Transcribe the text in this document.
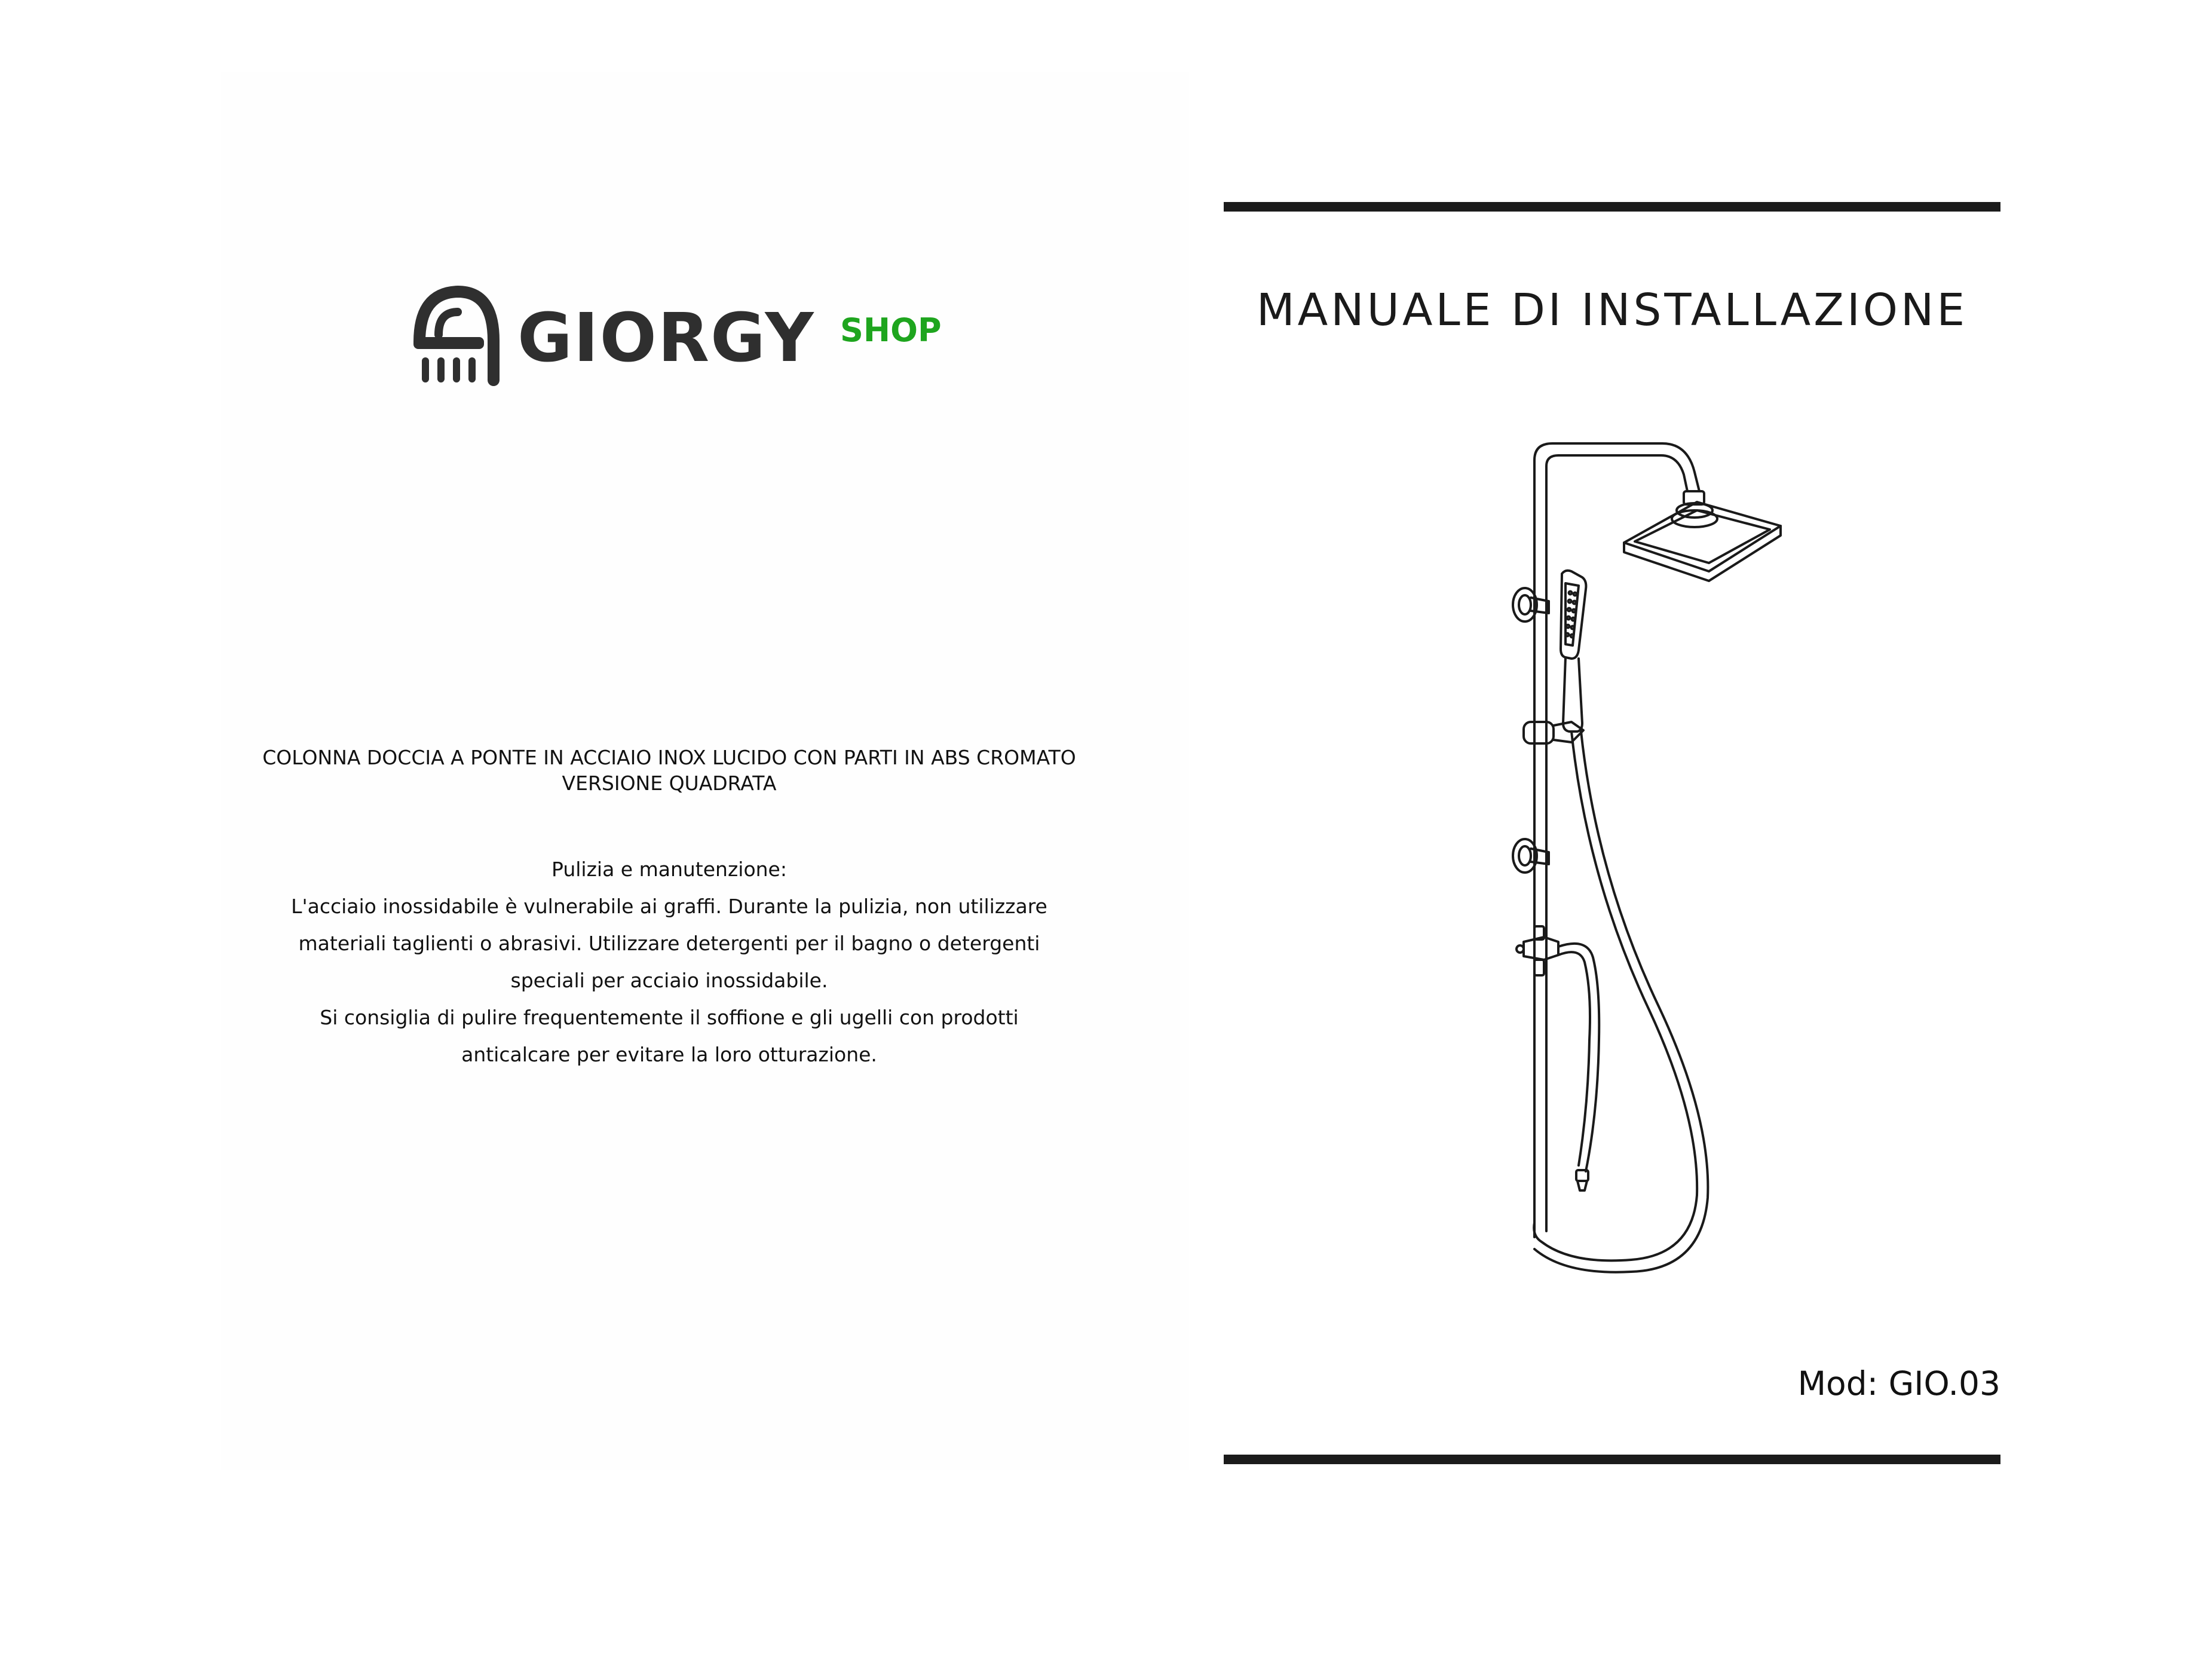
GIORGY SHOP
COLONNA DOCCIA A PONTE IN ACCIAIO INOX LUCIDO CON PARTI IN ABS CROMATO
VERSIONE QUADRATA
Pulizia e manutenzione:
L'acciaio inossidabile è vulnerabile ai graffi. Durante la pulizia, non utilizzare
materiali taglienti o abrasivi. Utilizzare detergenti per il bagno o detergenti
speciali per acciaio inossidabile.
Si consiglia di pulire frequentemente il soffione e gli ugelli con prodotti
anticalcare per evitare la loro otturazione.
MANUALE DI INSTALLAZIONE
Mod: GIO.03
